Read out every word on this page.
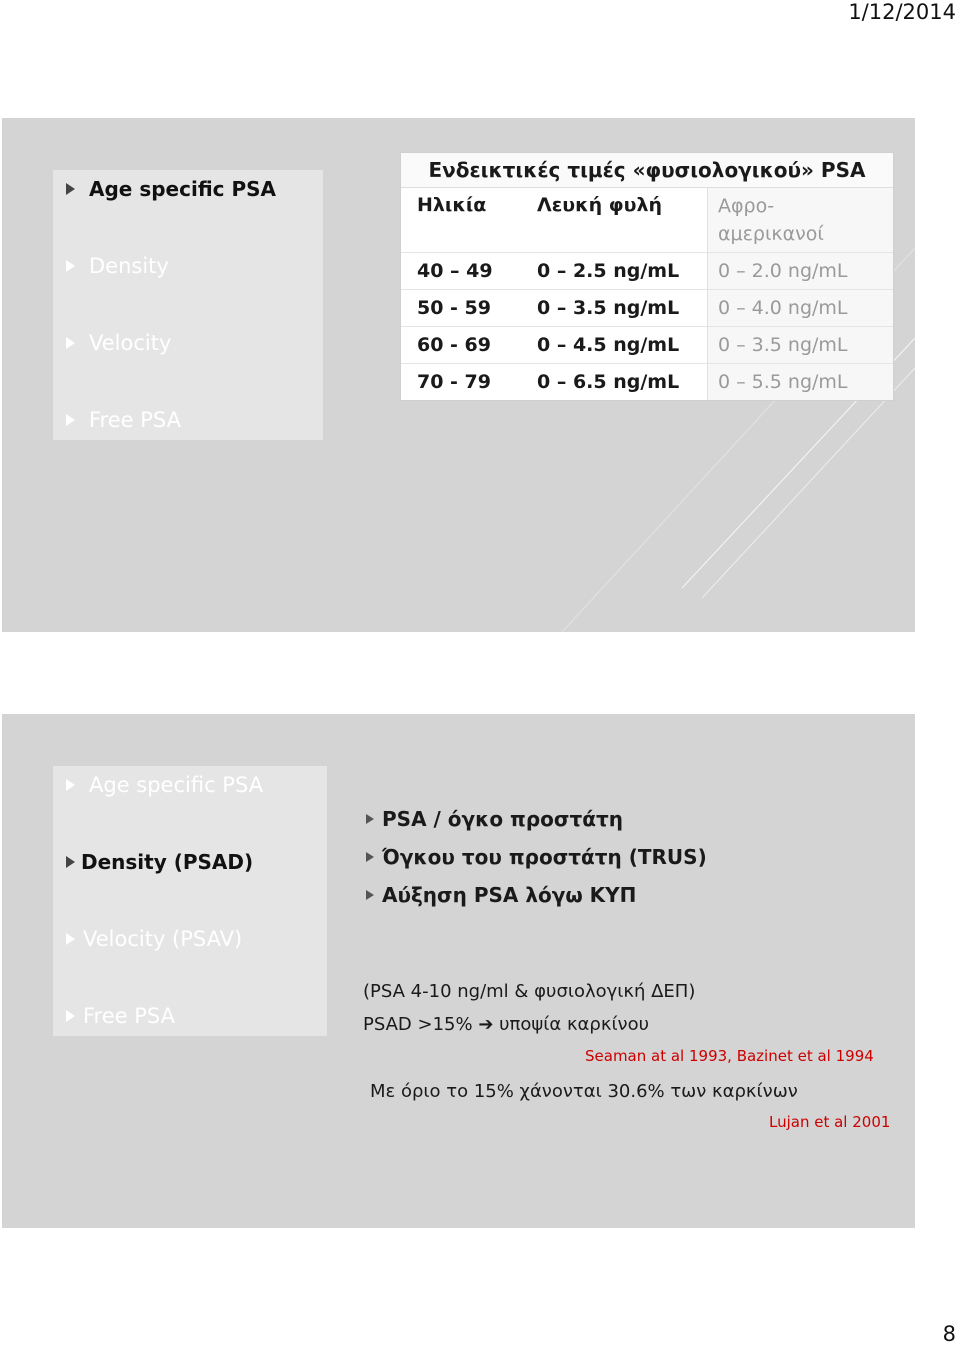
1/12/2014
Age specific PSA
Density
Velocity
Free PSA
Ενδεικτικές τιμές «φυσιολογικού» PSA
Ηλικία	Λευκή φυλή	Αφρο-
αμερικανοί
40 – 49	0 – 2.5 ng/mL	0 – 2.0 ng/mL
50 - 59	0 – 3.5 ng/mL	0 – 4.0 ng/mL
60 - 69	0 – 4.5 ng/mL	0 – 3.5 ng/mL
70 - 79	0 – 6.5 ng/mL	0 – 5.5 ng/mL
Age specific PSA
Density (PSAD)
Velocity (PSAV)
Free PSA
PSA / όγκο προστάτη
Όγκου του προστάτη (TRUS)
Αύξηση PSA λόγω ΚΥΠ
(PSA 4-10 ng/ml & φυσιολογική ΔΕΠ)
PSAD >15% ➔ υποψία καρκίνου
Seaman at al 1993, Bazinet et al 1994
Με όριο το 15% χάνονται 30.6% των καρκίνων
Lujan et al 2001
8
